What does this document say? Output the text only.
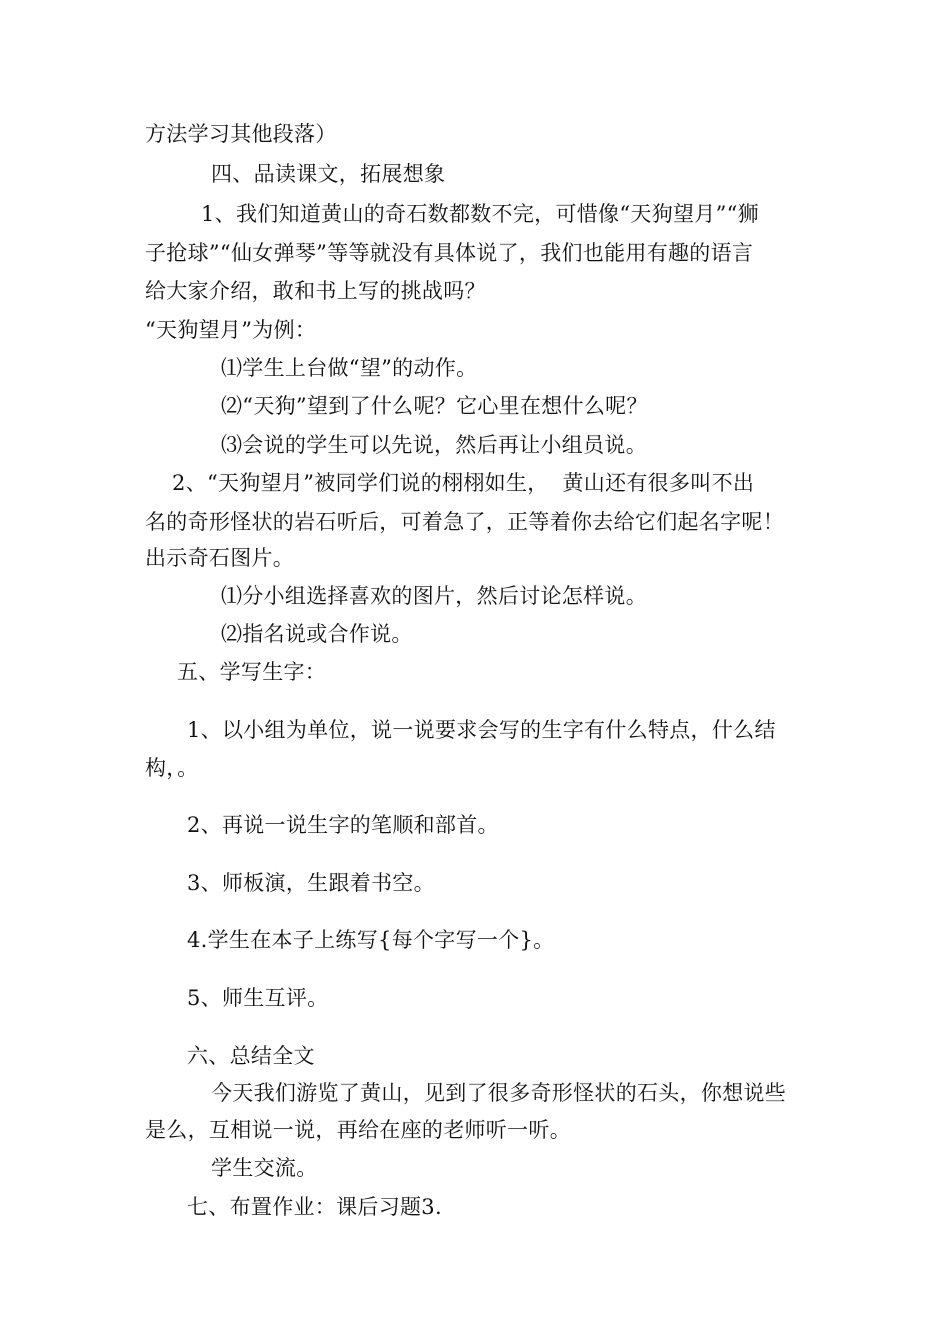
方法学习其他段落）
四、品读课文，拓展想象
1、我们知道黄山的奇石数都数不完，可惜像“天狗望月”“狮
子抢球”“仙女弹琴”等等就没有具体说了，我们也能用有趣的语言
给大家介绍，敢和书上写的挑战吗？
“天狗望月”为例：
⑴学生上台做“望”的动作。
⑵“天狗”望到了什么呢？它心里在想什么呢？
⑶会说的学生可以先说，然后再让小组员说。
2、“天狗望月”被同学们说的栩栩如生，  黄山还有很多叫不出
名的奇形怪状的岩石听后，可着急了，正等着你去给它们起名字呢！
出示奇石图片。
⑴分小组选择喜欢的图片，然后讨论怎样说。
⑵指名说或合作说。
五、学写生字：
1、以小组为单位，说一说要求会写的生字有什么特点，什么结
构，。
2、再说一说生字的笔顺和部首。
3、师板演，生跟着书空。
4.学生在本子上练写{每个字写一个}。
5、师生互评。
六、总结全文
今天我们游览了黄山，见到了很多奇形怪状的石头，你想说些
是么，互相说一说，再给在座的老师听一听。
学生交流。
七、布置作业：课后习题3.
